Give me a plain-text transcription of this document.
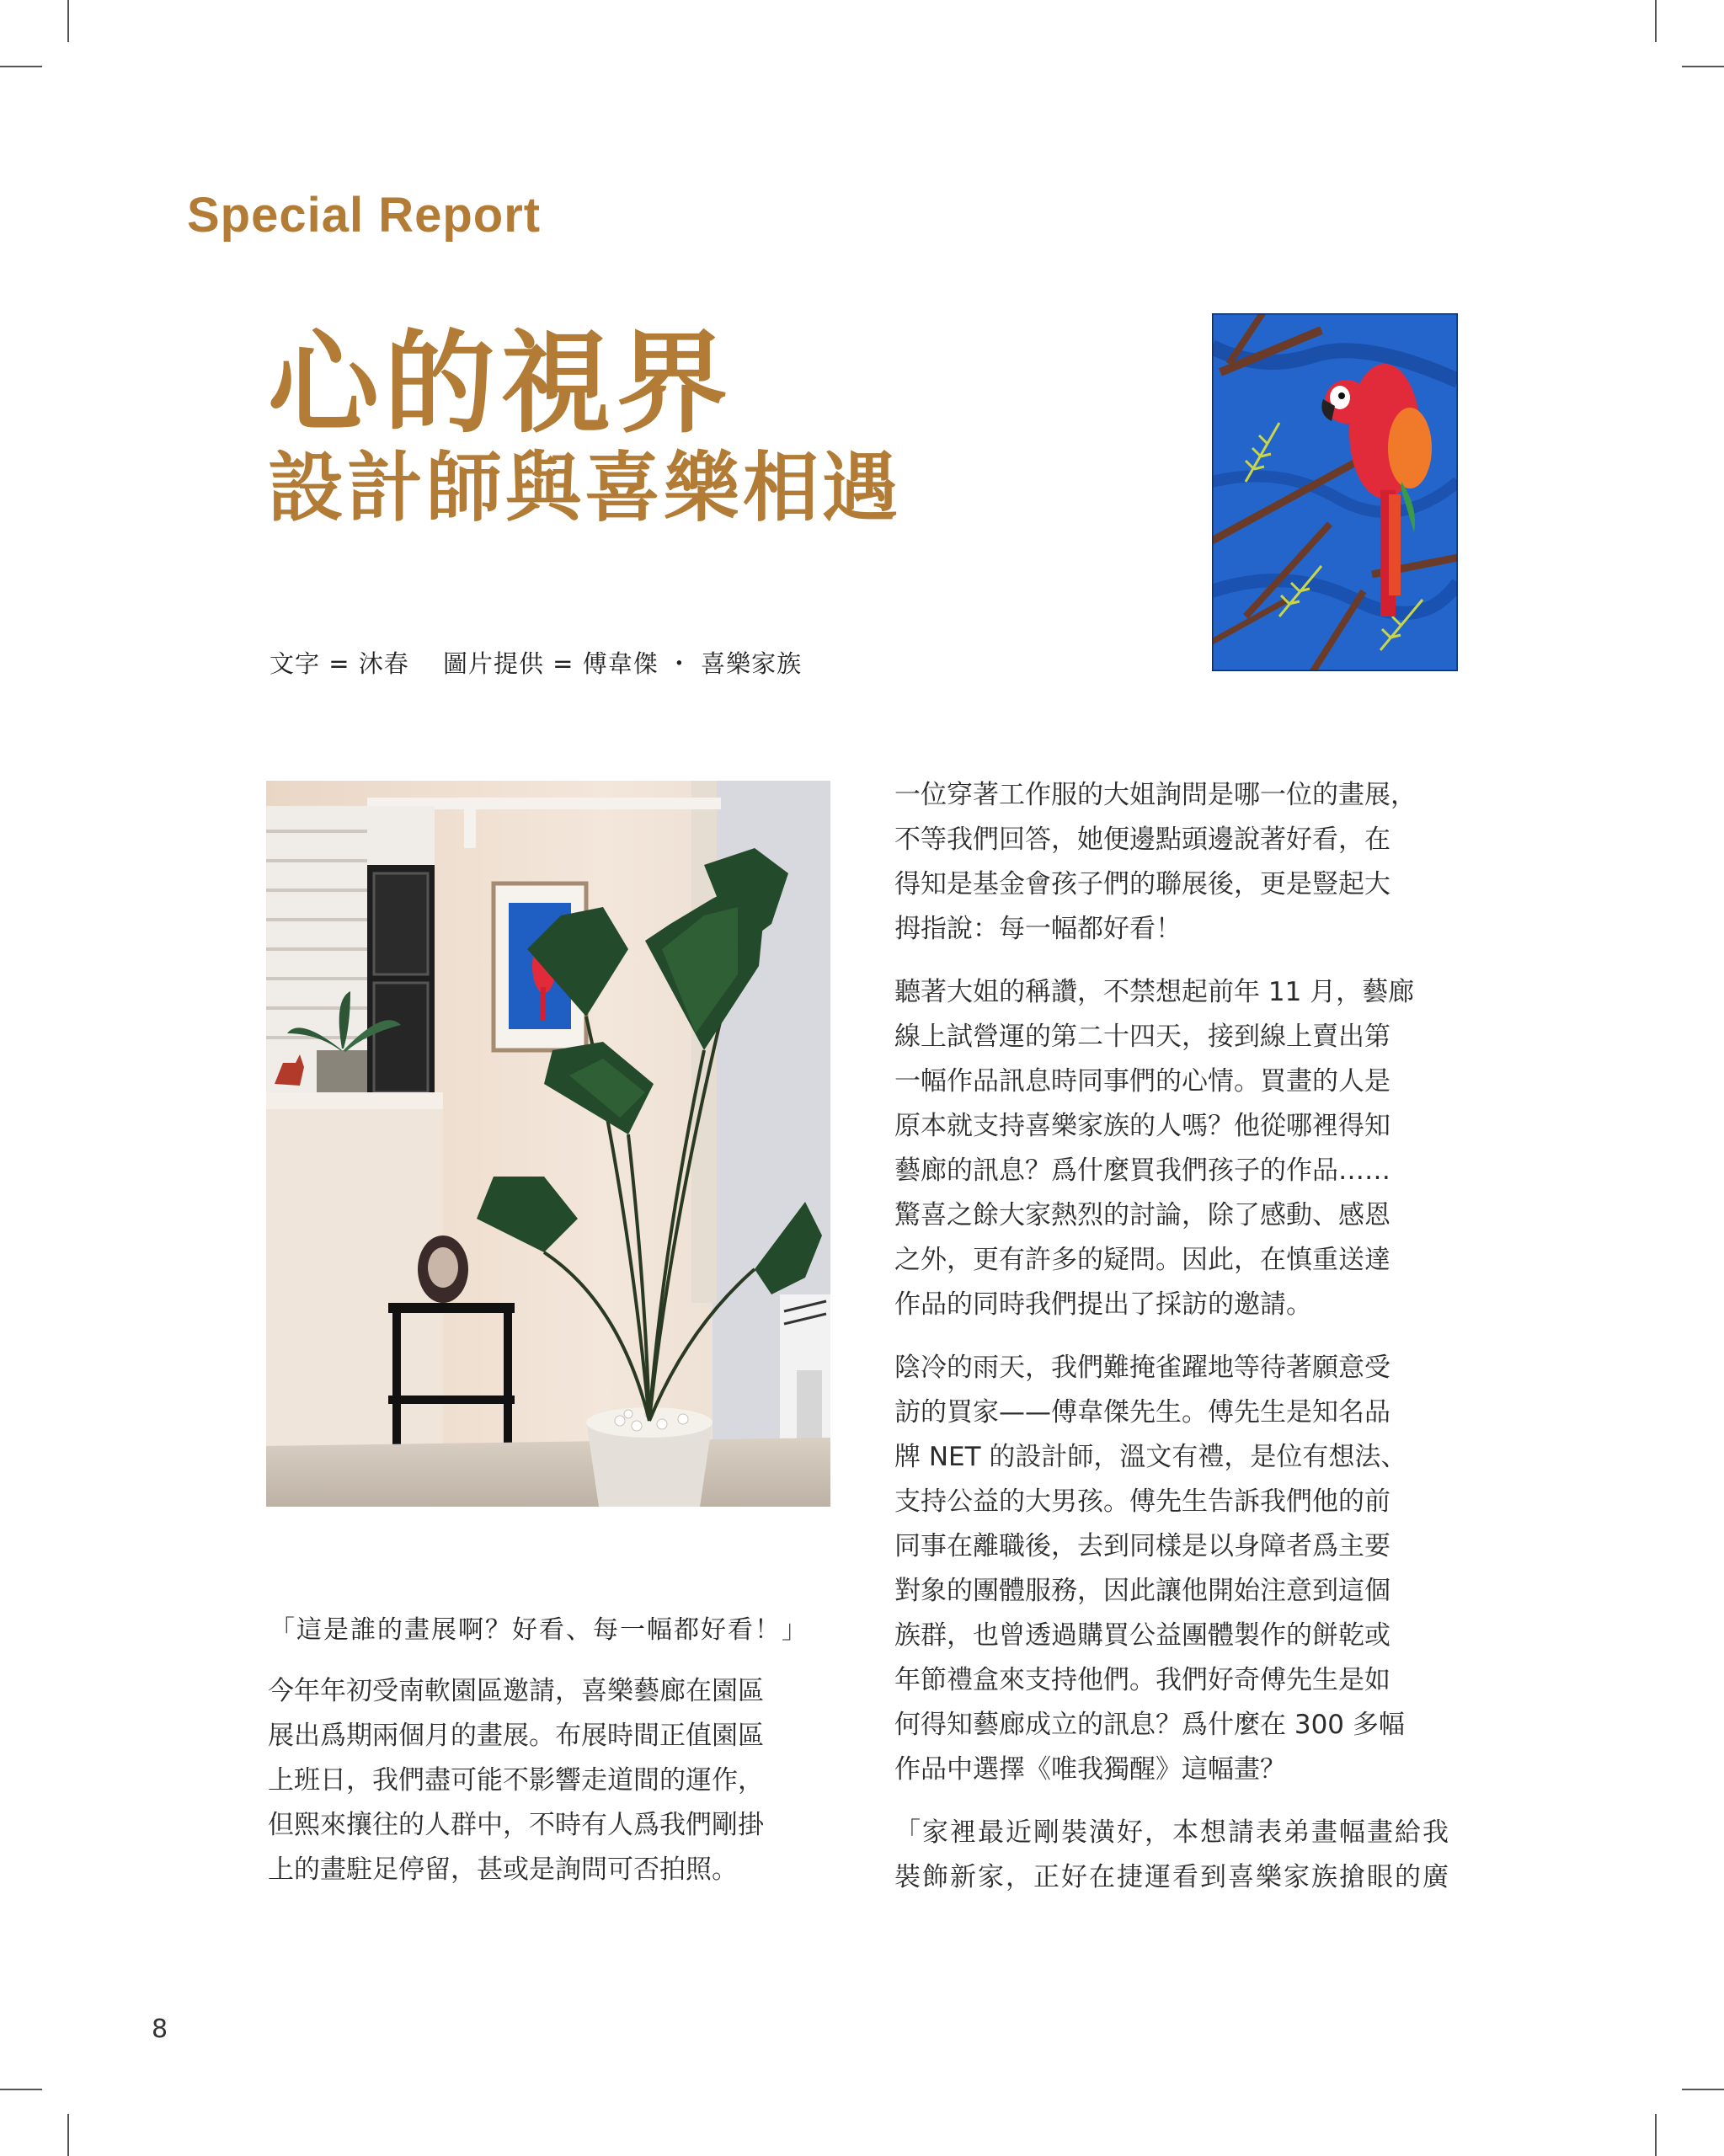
Special Report
心的視界
設計師與喜樂相遇
文字 = 沐春　 圖片提供 = 傅韋傑 ・ 喜樂家族
「這是誰的畫展啊？好看、每一幅都好看！」
今年年初受南軟園區邀請，喜樂藝廊在園區
展出爲期兩個月的畫展。布展時間正值園區
上班日，我們盡可能不影響走道間的運作，
但熙來攘往的人群中，不時有人爲我們剛掛
上的畫駐足停留，甚或是詢問可否拍照。
一位穿著工作服的大姐詢問是哪一位的畫展，
不等我們回答，她便邊點頭邊說著好看，在
得知是基金會孩子們的聯展後，更是豎起大
拇指說：每一幅都好看！
聽著大姐的稱讚，不禁想起前年 11 月，藝廊
線上試營運的第二十四天，接到線上賣出第
一幅作品訊息時同事們的心情。買畫的人是
原本就支持喜樂家族的人嗎？他從哪裡得知
藝廊的訊息？爲什麼買我們孩子的作品……
驚喜之餘大家熱烈的討論，除了感動、感恩
之外，更有許多的疑問。因此，在慎重送達
作品的同時我們提出了採訪的邀請。
陰冷的雨天，我們難掩雀躍地等待著願意受
訪的買家——傅韋傑先生。傅先生是知名品
牌 NET 的設計師，溫文有禮，是位有想法、
支持公益的大男孩。傅先生告訴我們他的前
同事在離職後，去到同樣是以身障者爲主要
對象的團體服務，因此讓他開始注意到這個
族群，也曾透過購買公益團體製作的餅乾或
年節禮盒來支持他們。我們好奇傅先生是如
何得知藝廊成立的訊息？爲什麼在 300 多幅
作品中選擇《唯我獨醒》這幅畫？
「家裡最近剛裝潢好，本想請表弟畫幅畫給我
裝飾新家，正好在捷運看到喜樂家族搶眼的廣
8
